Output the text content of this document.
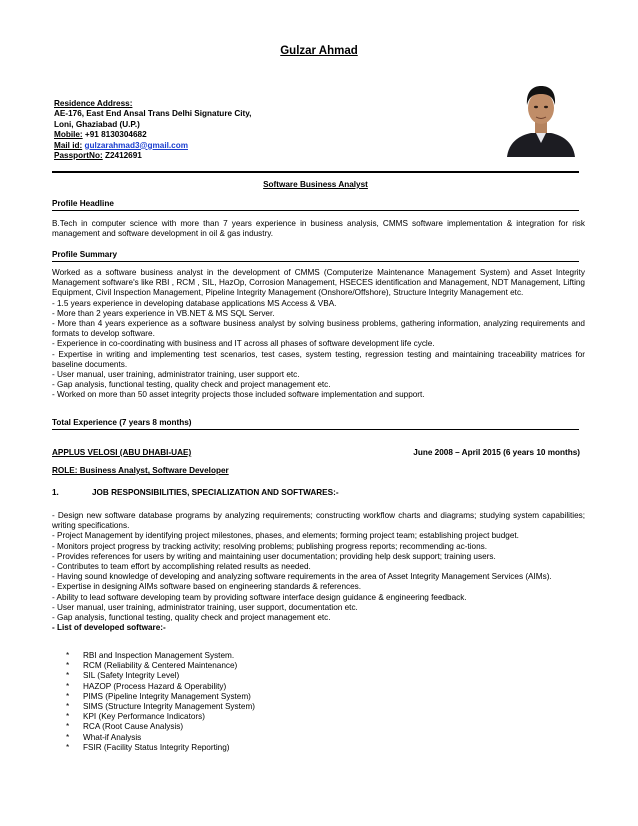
Gulzar Ahmad
Residence Address:
AE-176, East End Ansal Trans Delhi Signature City,
Loni, Ghaziabad (U.P.)
Mobile: +91 8130304682
Mail id: gulzarahmad3@gmail.com
PassportNo: Z2412691
Software Business Analyst
Profile Headline
B.Tech in computer science with more than 7 years experience in business analysis, CMMS software implementation & integration for risk management and software development in oil & gas industry.
Profile Summary

Worked as a software business analyst in the development of CMMS (Computerize Maintenance Management System) and Asset Integrity Management software's like RBI , RCM , SIL, HazOp, Corrosion Management, HSECES identification and Management, NDT Management, Lifting Equipment, Civil Inspection Management, Pipeline Integrity Management (Onshore/Offshore), Structure Integrity Management etc.

- 1.5 years experience in developing database applications MS Access & VBA.

- More than 2 years experience in VB.NET & MS SQL Server.

- More than 4 years experience as a software business analyst by solving business problems, gathering information, analyzing requirements and formats to develop software.

- Experience in co-coordinating with business and IT across all phases of software development life cycle.

- Expertise in writing and implementing test scenarios, test cases, system testing, regression testing and maintaining traceability matrices for baseline documents.

- User manual, user training, administrator training, user support etc.

- Gap analysis, functional testing, quality check and project management etc.

- Worked on more than 50 asset integrity projects those included software implementation and support.

Total Experience (7 years 8 months)
APPLUS VELOSI (ABU DHABI-UAE)	June 2008 – April 2015 (6 years 10 months)
ROLE: Business Analyst, Software Developer
1.	JOB RESPONSIBILITIES, SPECIALIZATION AND SOFTWARES:-

- Design new software database programs by analyzing requirements; constructing workflow charts and diagrams; studying system capabilities; writing specifications.

- Project Management by identifying project milestones, phases, and elements; forming project team; establishing project budget.

- Monitors project progress by tracking activity; resolving problems; publishing progress reports; recommending ac-tions.

- Provides references for users by writing and maintaining user documentation; providing help desk support; training users.

- Contributes to team effort by accomplishing related results as needed.

- Having sound knowledge of developing and analyzing software requirements in the area of Asset Integrity Management Services (AIMs).

- Expertise in designing AIMs software based on engineering standards & references.

- Ability to lead software developing team by providing software interface design guidance & engineering feedback.

- User manual, user training, administrator training, user support, documentation etc.

- Gap analysis, functional testing, quality check and project management etc.

- List of developed software:-

*	RBI and Inspection Management System.
*	RCM (Reliability & Centered Maintenance)
*	SIL (Safety Integrity Level)
*	HAZOP (Process Hazard & Operability)
*	PIMS (Pipeline Integrity Management System)
*	SIMS (Structure Integrity Management System)
*	KPI (Key Performance Indicators)
*	RCA (Root Cause Analysis)
*	What-if Analysis
*	FSIR (Facility Status Integrity Reporting)
